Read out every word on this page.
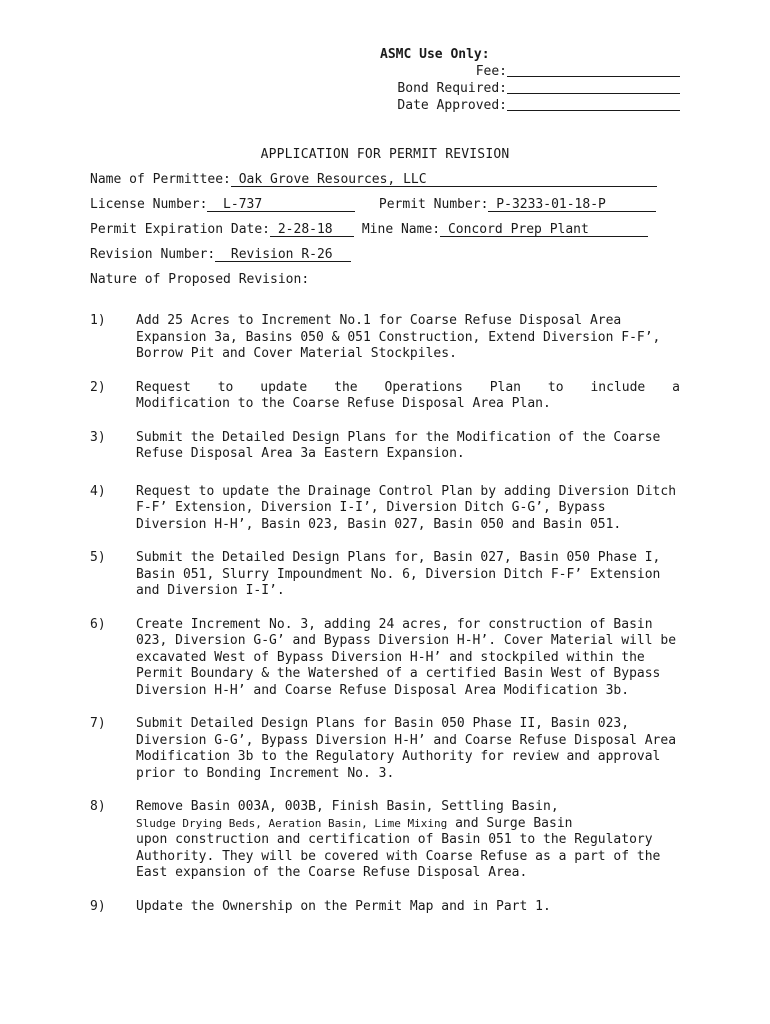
ASMC Use Only:
Fee:
Bond Required:
Date Approved:
APPLICATION FOR PERMIT REVISION
Name of Permittee: Oak Grove Resources, LLC
License Number:  L-737	Permit Number: P-3233-01-18-P
Permit Expiration Date: 2-28-18 Mine Name: Concord Prep Plant
Revision Number:  Revision R-26
Nature of Proposed Revision:
1)	Add 25 Acres to Increment No.1 for Coarse Refuse Disposal Area Expansion 3a, Basins 050 & 051 Construction, Extend Diversion F-F’, Borrow Pit and Cover Material Stockpiles.
2)	Request to update the Operations Plan to include a
Modification to the Coarse Refuse Disposal Area Plan.
3)	Submit the Detailed Design Plans for the Modification of the Coarse Refuse Disposal Area 3a Eastern Expansion.
4)	Request to update the Drainage Control Plan by adding Diversion Ditch F-F’ Extension, Diversion I-I’, Diversion Ditch G-G’, Bypass Diversion H-H’, Basin 023, Basin 027, Basin 050 and Basin 051.
5)	Submit the Detailed Design Plans for, Basin 027, Basin 050 Phase I, Basin 051, Slurry Impoundment No. 6, Diversion Ditch F-F’ Extension and Diversion I-I’.
6)	Create Increment No. 3, adding 24 acres, for construction of Basin 023, Diversion G-G’ and Bypass Diversion H-H’. Cover Material will be excavated West of Bypass Diversion H-H’ and stockpiled within the Permit Boundary & the Watershed of a certified Basin West of Bypass Diversion H-H’ and Coarse Refuse Disposal Area Modification 3b.
7)	Submit Detailed Design Plans for Basin 050 Phase II, Basin 023, Diversion G-G’, Bypass Diversion H-H’ and Coarse Refuse Disposal Area Modification 3b to the Regulatory Authority for review and approval prior to Bonding Increment No. 3.
8)	Remove Basin 003A, 003B, Finish Basin, Settling Basin,
Sludge Drying Beds, Aeration Basin, Lime Mixing and Surge Basin
upon construction and certification of Basin 051 to the Regulatory Authority. They will be covered with Coarse Refuse as a part of the East expansion of the Coarse Refuse Disposal Area.
9)	Update the Ownership on the Permit Map and in Part 1.
